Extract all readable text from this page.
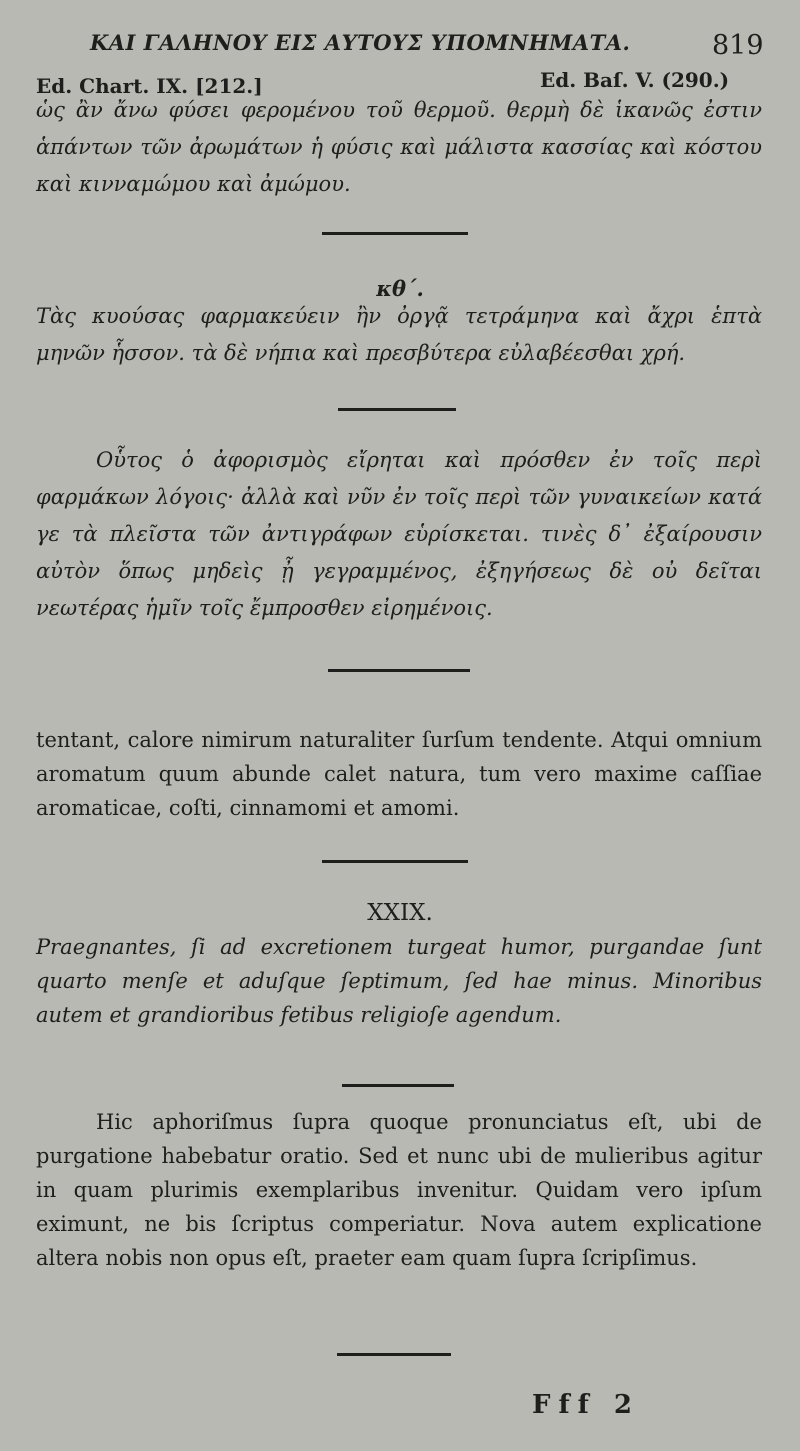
ΚΑΙ ΓΑΛΗΝΟΥ ΕΙΣ ΑΥΤΟΥΣ ΥΠΟΜΝΗΜΑΤΑ.	819
Ed. Chart. IX. [212.]	Ed. Baſ. V. (290.)

ὡς ἂν ἄνω φύσει φερομένου τοῦ θερμοῦ. θερμὴ δὲ ἱκανῶς ἐστιν ἁπάντων τῶν ἀρωμάτων ἡ φύσις καὶ μάλιστα κασσίας καὶ κόστου καὶ κινναμώμου καὶ ἀμώμου.

κθ΄.

Τὰς κυούσας φαρμακεύειν ἢν ὀργᾷ τετράμηνα καὶ ἄχρι ἑπτὰ μηνῶν ἧσσον. τὰ δὲ νήπια καὶ πρεσβύτερα εὐλαβέεσθαι χρή.

Οὗτος ὁ ἀφορισμὸς εἴρηται καὶ πρόσθεν ἐν τοῖς περὶ φαρμάκων λόγοις· ἀλλὰ καὶ νῦν ἐν τοῖς περὶ τῶν γυναικείων κατά γε τὰ πλεῖστα τῶν ἀντιγράφων εὑρίσκεται. τινὲς δ᾽ ἐξαίρουσιν αὐτὸν ὅπως μηδεὶς ᾖ γεγραμμένος, ἐξηγήσεως δὲ οὐ δεῖται νεωτέρας ἡμῖν τοῖς ἔμπροσθεν εἰρημένοις.

tentant, calore nimirum naturaliter ſurſum tendente. Atqui omnium aromatum quum abunde calet natura, tum vero maxime caſſiae aromaticae, coſti, cinnamomi et amomi.

XXIX.

Praegnantes, ſi ad excretionem turgeat humor, purgandae ſunt quarto menſe et aduſque ſeptimum, ſed hae minus. Minoribus autem et grandioribus fetibus religioſe agendum.

Hic aphoriſmus ſupra quoque pronunciatus eſt, ubi de purgatione habebatur oratio. Sed et nunc ubi de mulieribus agitur in quam plurimis exemplaribus invenitur. Quidam vero ipſum eximunt, ne bis ſcriptus comperiatur. Nova autem explicatione altera nobis non opus eſt, praeter eam quam ſupra ſcripſimus.

Fff 2
